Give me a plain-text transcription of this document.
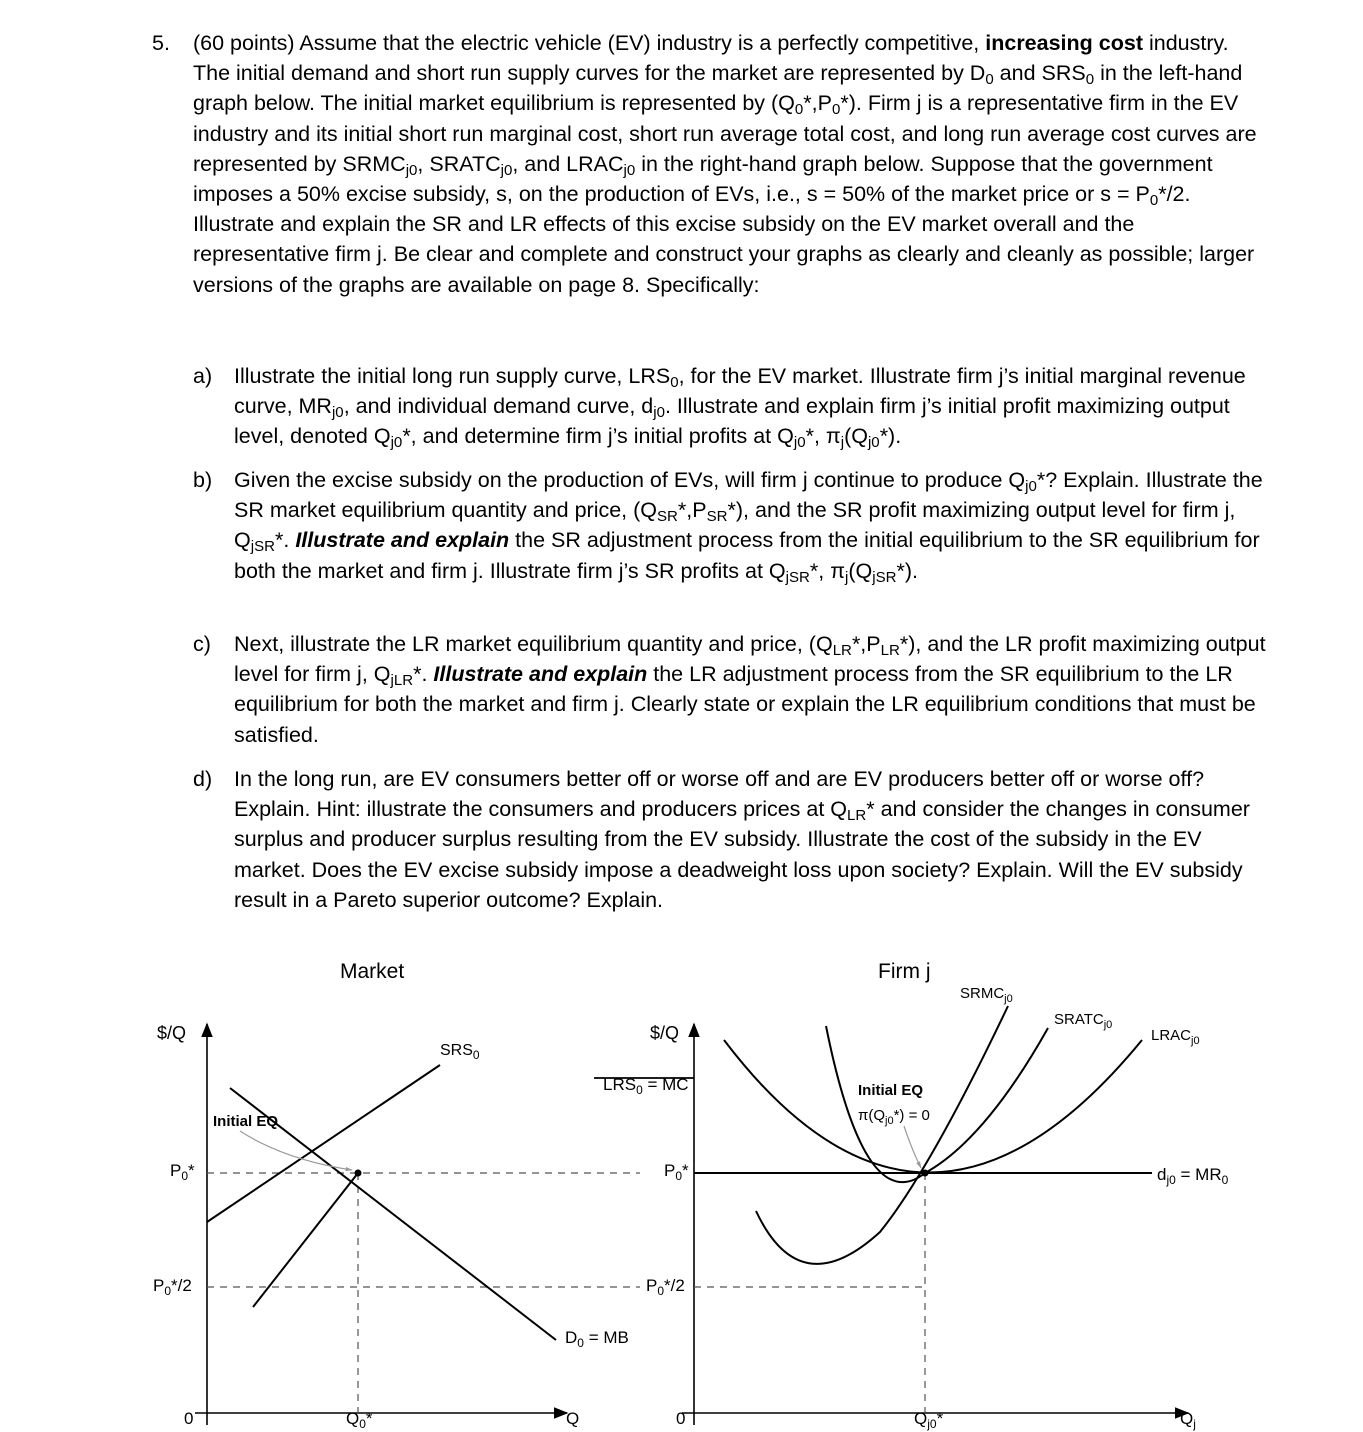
5. (60 points) Assume that the electric vehicle (EV) industry is a perfectly competitive, increasing cost industry. The initial demand and short run supply curves for the market are represented by $D_0$ and $SRS_0$ in the left-hand graph below. The initial market equilibrium is represented by $(Q_0*,P_0*)$. Firm j is a representative firm in the EV industry and its initial short run marginal cost, short run average total cost, and long run average cost curves are represented by $SRMC_{j0}$, $SRATC_{j0}$, and $LRAC_{j0}$ in the right-hand graph below. Suppose that the government imposes a 50% excise subsidy, s, on the production of EVs, i.e., s = 50% of the market price or $s = P_0*/2$. Illustrate and explain the SR and LR effects of this excise subsidy on the EV market overall and the representative firm j. Be clear and complete and construct your graphs as clearly and cleanly as possible; larger versions of the graphs are available on page 8. Specifically:
a) Illustrate the initial long run supply curve, $LRS_0$, for the EV market. Illustrate firm j’s initial marginal revenue curve, $MR_{j0}$, and individual demand curve, $d_{j0}$. Illustrate and explain firm j’s initial profit maximizing output level, denoted $Q_{j0}*$, and determine firm j’s initial profits at $Q_{j0}*$, $\pi_j(Q_{j0}*)$.
b) Given the excise subsidy on the production of EVs, will firm j continue to produce $Q_{j0}*$? Explain. Illustrate the SR market equilibrium quantity and price, $(Q_{SR}*,P_{SR}*)$, and the SR profit maximizing output level for firm j, $Q_{jSR}*$. Illustrate and explain the SR adjustment process from the initial equilibrium to the SR equilibrium for both the market and firm j. Illustrate firm j’s SR profits at $Q_{jSR}*$, $\pi_j(Q_{jSR}*)$.
c) Next, illustrate the LR market equilibrium quantity and price, $(Q_{LR}*,P_{LR}*)$, and the LR profit maximizing output level for firm j, $Q_{jLR}*$. Illustrate and explain the LR adjustment process from the SR equilibrium to the LR equilibrium for both the market and firm j. Clearly state or explain the LR equilibrium conditions that must be satisfied.
d) In the long run, are EV consumers better off or worse off and are EV producers better off or worse off? Explain. Hint: illustrate the consumers and producers prices at $Q_{LR}*$ and consider the changes in consumer surplus and producer surplus resulting from the EV subsidy. Illustrate the cost of the subsidy in the EV market. Does the EV excise subsidy impose a deadweight loss upon society? Explain. Will the EV subsidy result in a Pareto superior outcome? Explain.
Market
$/Q
Q
0
$P_0*$
$P_0*/2$
$Q_0*$
$SRS_0$
$D_0$ = MB
Initial EQ
Firm j
$/Q
$Q_j$
0
$LRS_0$ = MC
$P_0*$
$P_0*/2$
$Q_{j0}*$
$SRMC_{j0}$
$SRATC_{j0}$
$LRAC_{j0}$
$d_{j0} = MR_0$
Initial EQ
$\pi(Q_{j0}*) = 0$
